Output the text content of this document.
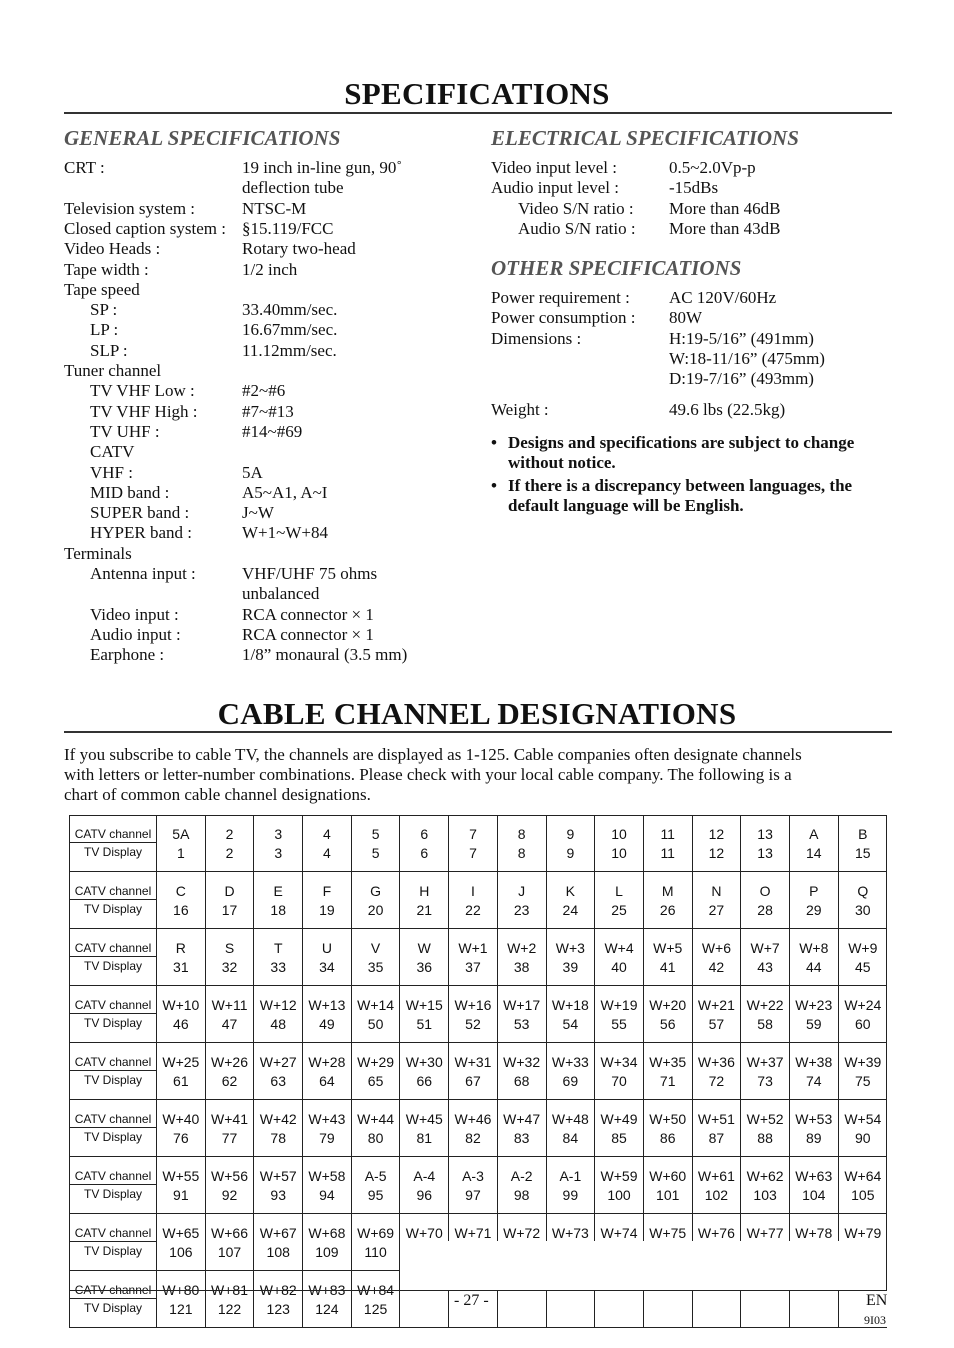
SPECIFICATIONS
GENERAL SPECIFICATIONS
CRT :	19 inch in-line gun, 90˚
deflection tube
Television system :	NTSC-M
Closed caption system : §15.119/FCC
Video Heads :	Rotary two-head
Tape width :	1/2 inch
Tape speed
SP :	33.40mm/sec.
LP :	16.67mm/sec.
SLP :	11.12mm/sec.
Tuner channel
TV VHF Low :	#2~#6
TV VHF High :	#7~#13
TV UHF :	#14~#69
CATV
VHF :	5A
MID band :	A5~A1, A~I
SUPER band :	J~W
HYPER band :	W+1~W+84
Terminals
Antenna input :	VHF/UHF 75 ohms
unbalanced
Video input :	RCA connector × 1
Audio input :	RCA connector × 1
Earphone :	1/8” monaural (3.5 mm)
ELECTRICAL SPECIFICATIONS
Video input level :	0.5~2.0Vp-p
Audio input level :	-15dBs
Video S/N ratio : More than 46dB
Audio S/N ratio : More than 43dB
OTHER SPECIFICATIONS
Power requirement : AC 120V/60Hz
Power consumption : 80W
Dimensions :	H:19-5/16” (491mm)
W:18-11/16” (475mm)
D:19-7/16” (493mm)
Weight :	49.6 lbs (22.5kg)
• Designs and specifications are subject to change
without notice.
• If there is a discrepancy between languages, the
default language will be English.
CABLE CHANNEL DESIGNATIONS
If you subscribe to cable TV, the channels are displayed as 1-125. Cable companies often designate channels
with letters or letter-number combinations. Please check with your local cable company. The following is a
chart of common cable channel designations.
CATV channel	5A	2	3	4	5	6	7	8	9	10	11	12	13	A	B
TV Display	1	2	3	4	5	6	7	8	9	10	11	12	13	14	15
CATV channel	C	D	E	F	G	H	I	J	K	L	M	N	O	P	Q
TV Display	16	17	18	19	20	21	22	23	24	25	26	27	28	29	30
CATV channel	R	S	T	U	V	W	W+1	W+2	W+3	W+4	W+5	W+6	W+7	W+8	W+9
TV Display	31	32	33	34	35	36	37	38	39	40	41	42	43	44	45
CATV channel	W+10	W+11	W+12	W+13	W+14	W+15	W+16	W+17	W+18	W+19	W+20	W+21	W+22	W+23	W+24
TV Display	46	47	48	49	50	51	52	53	54	55	56	57	58	59	60
CATV channel	W+25	W+26	W+27	W+28	W+29	W+30	W+31	W+32	W+33	W+34	W+35	W+36	W+37	W+38	W+39
TV Display	61	62	63	64	65	66	67	68	69	70	71	72	73	74	75
CATV channel	W+40	W+41	W+42	W+43	W+44	W+45	W+46	W+47	W+48	W+49	W+50	W+51	W+52	W+53	W+54
TV Display	76	77	78	79	80	81	82	83	84	85	86	87	88	89	90
CATV channel	W+55	W+56	W+57	W+58	A-5	A-4	A-3	A-2	A-1	W+59	W+60	W+61	W+62	W+63	W+64
TV Display	91	92	93	94	95	96	97	98	99	100	101	102	103	104	105
CATV channel	W+65	W+66	W+67	W+68	W+69	W+70	W+71	W+72	W+73	W+74	W+75	W+76	W+77	W+78	W+79
TV Display	106	107	108	109	110										
CATV channel	W+80	W+81	W+82	W+83	W+84										
TV Display	121	122	123	124	125											- 27 -	EN
9I03
